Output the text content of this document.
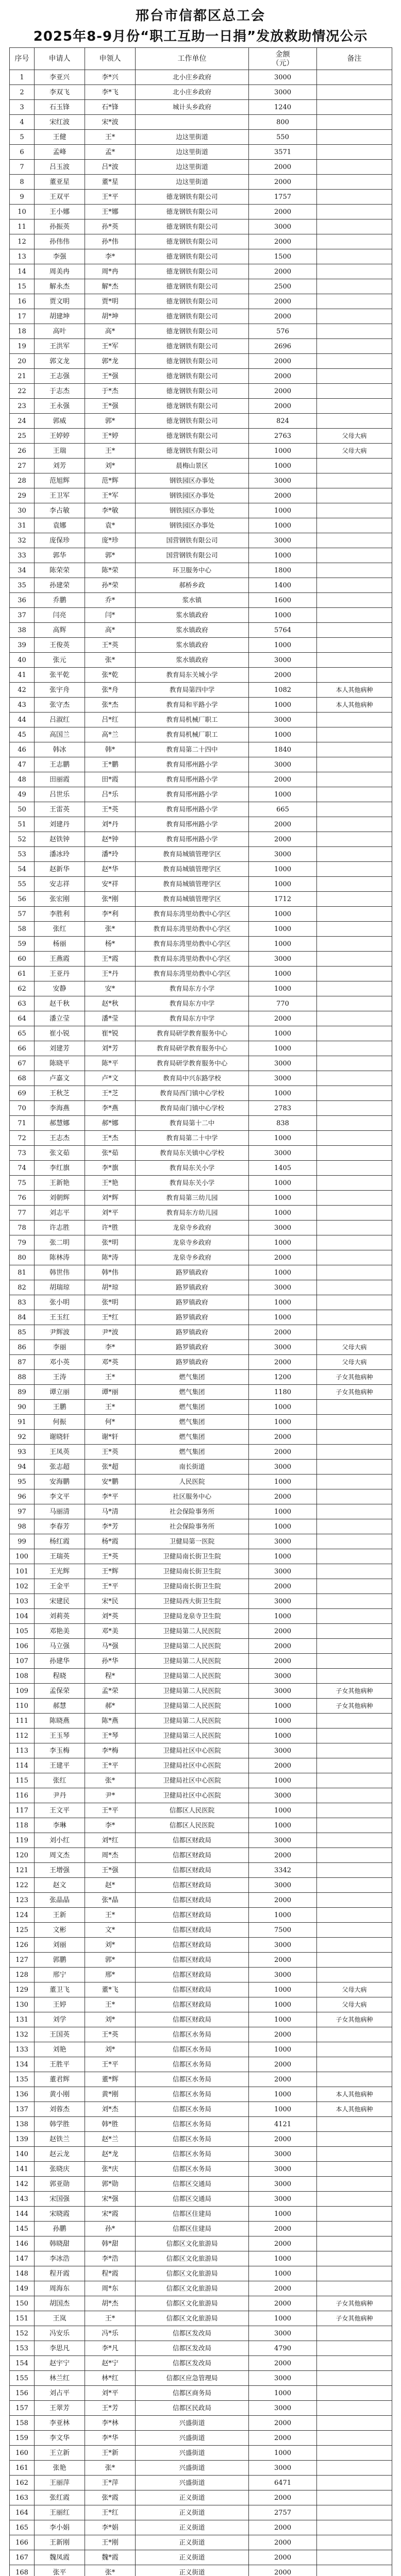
邢台市信都区总工会
2025年8-9月份“职工互助一日捐”发放救助情况公示
序号	申请人	申领人	工作单位	金额
（元）	备注
1	李亚兴	李*兴	北小庄乡政府	3000	
2	李双飞	李*飞	北小庄乡政府	3000	
3	石玉锋	石*锋	城计头乡政府	1240	
4	宋红波	宋*波		800	
5	王健	王*	边这里街道	550	
6	孟峰	孟*	边这里街道	3571	
7	吕玉波	吕*波	边这里街道	2000	
8	董亚星	董*星	边这里街道	2000	
9	王双平	王*平	德龙钢铁有限公司	1757	
10	王小娜	王*娜	德龙钢铁有限公司	2000	
11	孙振英	孙*英	德龙钢铁有限公司	3000	
12	孙伟伟	孙*伟	德龙钢铁有限公司	2000	
13	李强	李*	德龙钢铁有限公司	1500	
14	周美冉	周*冉	德龙钢铁有限公司	2000	
15	解永杰	解*杰	德龙钢铁有限公司	2500	
16	贾文明	贾*明	德龙钢铁有限公司	2000	
17	胡建坤	胡*坤	德龙钢铁有限公司	2000	
18	高叶	高*	德龙钢铁有限公司	576	
19	王洪军	王*军	德龙钢铁有限公司	2696	
20	郭文龙	郭*龙	德龙钢铁有限公司	2000	
21	王志强	王*强	德龙钢铁有限公司	2000	
22	于志杰	于*杰	德龙钢铁有限公司	2000	
23	王永强	王*强	德龙钢铁有限公司	2000	
24	郭威	郭*	德龙钢铁有限公司	824	
25	王婷婷	王*婷	德龙钢铁有限公司	2763	父母大病
26	王瑞	王*	德龙钢铁有限公司	1000	父母大病
27	刘芳	刘*	晨梅山景区	1000	
28	范旭辉	范*辉	钢铁园区办事处	3000	
29	王卫军	王*军	钢铁园区办事处	2000	
30	李占敏	李*敏	钢铁园区办事处	1000	
31	袁娜	袁*	钢铁园区办事处	1000	
32	庞保珍	庞*珍	国营钢铁有限公司	3000	
33	郭华	郭*	国营钢铁有限公司	1000	
34	陈荣荣	陈*荣	环卫服务中心	1800	
35	孙建荣	孙*荣	郝桥乡政	1400	
36	乔鹏	乔*	浆水镇	1600	
37	闫亮	闫*	浆水镇政府	1000	
38	高辉	高*	浆水镇政府	5764	
39	王俊英	王*英	浆水镇政府	1000	
40	张元	张*	浆水镇政府	3000	
41	张平乾	张*乾	教育局东关城小学	2000	
42	张宇舟	张*舟	教育局第四中学	1082	本人其他病种
43	张守杰	张*杰	教育局和平路小学	1000	本人其他病种
44	吕淑红	吕*红	教育局机械厂职工	3000	
45	高国兰	高*兰	教育局机械厂职工	1000	
46	韩冰	韩*	教育局第二十四中	1840	
47	王志鹏	王*鹏	教育局邢州路小学	3000	
48	田丽霞	田*霞	教育局邢州路小学	2000	
49	吕世乐	吕*乐	教育局邢州路小学	1000	
50	王雷英	王*英	教育局邢州路小学	665	
51	刘建丹	刘*丹	教育局邢州路小学	2000	
52	赵铁钟	赵*钟	教育局邢州路小学	2000	
53	潘冰玲	潘*玲	教育局城镇管理学区	3000	
54	赵新华	赵*华	教育局城镇管理学区	1000	
55	安志祥	安*祥	教育局城镇管理学区	1000	
56	张宏刚	张*刚	教育局城镇管理学区	1712	
57	李胜利	李*利	教育局东湾里幼教中心学区	1000	
58	张红	张*	教育局东湾里幼教中心学区	1000	
59	杨丽	杨*	教育局东湾里幼教中心学区	1000	
60	王燕霞	王*霞	教育局东湾里幼教中心学区	3000	
61	王亚丹	王*丹	教育局东湾里幼教中心学区	1000	
62	安静	安*	教育局东方小学	1000	
63	赵千秋	赵*秋	教育局东方中学	770	
64	潘立莹	潘*莹	教育局东方中学	2000	
65	崔小锐	崔*锐	教育局研学教育服务中心	1000	
66	刘建芳	刘*芳	教育局研学教育服务中心	1000	
67	陈晓平	陈*平	教育局研学教育服务中心	3000	
68	卢嘉文	卢*文	教育局中兴东路学校	3000	
69	王秋芝	王*芝	教育局西门镇中心学校	1000	
70	李海燕	李*燕	教育局南门镇中心学校	2783	
71	郝慧娜	郝*娜	教育局第十二中	838	
72	王志杰	王*杰	教育局第二十中学	1000	
73	张文茹	张*茹	教育局东关镇中心学校	3000	
74	李红旗	李*旗	教育局东关小学	1405	
75	王新艳	王*艳	教育局东关小学	1000	
76	刘朝辉	刘*辉	教育局第三幼儿园	1000	
77	刘志平	刘*平	教育局东方幼儿园	1000	
78	许志胜	许*胜	龙泉寺乡政府	3000	
79	张二明	张*明	龙泉寺乡政府	1000	
80	陈林涛	陈*涛	龙泉寺乡政府	2000	
81	韩世伟	韩*伟	路罗镇政府	1000	
82	胡瑞琼	胡*琼	路罗镇政府	3000	
83	张小明	张*明	路罗镇政府	1000	
84	王玉红	王*红	路罗镇政府	1000	
85	尹辉波	尹*波	路罗镇政府	2000	
86	李丽	李*	路罗镇政府	3000	父母大病
87	邓小英	邓*英	路罗镇政府	2000	父母大病
88	王涛	王*	燃气集团	1200	子女其他病种
89	谭立丽	谭*丽	燃气集团	1180	子女其他病种
90	王鹏	王*	燃气集团	1000	
91	何振	何*	燃气集团	1000	
92	谢晓轩	谢*轩	燃气集团	2000	
93	王凤英	王*英	燃气集团	2000	
94	张志超	张*超	南长街道	3000	
95	安海鹏	安*鹏	人民医院	1000	
96	李文平	李*平	社区服务中心	2000	
97	马丽清	马*清	社会保险事务所	1000	
98	李春芳	李*芳	社会保险事务所	1000	
99	杨红霞	杨*霞	卫健局第一医院	3000	
100	王瑞英	王*英	卫健局南长街卫生院	1000	
101	王光辉	王*辉	卫健局南长街卫生院	3000	
102	王金平	王*平	卫健局南长街卫生院	2000	
103	宋建民	宋*民	卫健局西大街卫生院	3000	
104	刘莉英	刘*英	卫健局龙泉寺卫生院	1000	
105	邓艳美	邓*美	卫健局第二人民医院	2000	
106	马立强	马*强	卫健局第二人民医院	2000	
107	孙建华	孙*华	卫健局第二人民医院	2000	
108	程晓	程*	卫健局第二人民医院	3000	
109	孟保荣	孟*荣	卫健局第二人民医院	3000	子女其他病种
110	郝慧	郝*	卫健局第二人民医院	1000	子女其他病种
111	陈晓燕	陈*燕	卫健局第二人民医院	1000	
112	王玉琴	王*琴	卫健局第三人民医院	1000	
113	李玉梅	李*梅	卫健局社区中心医院	3000	
114	王建平	王*平	卫健局社区中心医院	2000	
115	张红	张*	卫健局社区中心医院	1000	
116	尹丹	尹*	卫健局社区中心医院	3000	
117	王文平	王*平	信都区人民医院	1000	
118	李琳	李*	信都区人民医院	1000	
119	刘小红	刘*红	信都区财政局	3000	
120	周文杰	周*杰	信都区财政局	2000	
121	王增强	王*强	信都区财政局	3342	
122	赵文	赵*	信都区财政局	3000	
123	张晶晶	张*晶	信都区财政局	2000	
124	王新	王*	信都区财政局	1000	
125	文彬	文*	信都区财政局	7500	
126	刘丽	刘*	信都区财政局	3000	
127	郭鹏	郭*	信都区财政局	2000	
128	邢宁	邢*	信都区财政局	3000	
129	董卫飞	董*飞	信都区财政局	1000	父母大病
130	王婷	王*	信都区财政局	1000	父母大病
131	刘学	刘*	信都区财政局	1000	子女其他病种
132	王国英	王*英	信都区水务局	2000	
133	刘艳	刘*	信都区水务局	1000	
134	王胜平	王*平	信都区水务局	2000	
135	董君辉	董*辉	信都区水务局	2000	
136	黄小刚	黄*刚	信都区水务局	1000	本人其他病种
137	刘蓉杰	刘*杰	信都区水务局	1000	本人其他病种
138	韩学胜	韩*胜	信都区水务局	4121	
139	赵铁兰	赵*兰	信都区水务局	2000	
140	赵云龙	赵*龙	信都区水务局	3000	
141	张晓庆	张*庆	信都区水务局	3000	
142	郭亚勋	郭*勋	信都区交通局	3000	
143	宋国强	宋*强	信都区交通局	3000	
144	宋晓霞	宋*霞	信都区住建局	1000	
145	孙鹏	孙*	信都区住建局	2000	
146	韩晓甜	韩*甜	信都区文化旅游局	2000	
147	李冰浩	李*浩	信都区文化旅游局	1000	
148	程开霞	程*霞	信都区文化旅游局	1000	
149	周海东	周*东	信都区文化旅游局	2000	
150	胡国杰	胡*杰	信都区文化旅游局	2000	子女其他病种
151	王岚	王*	信都区文化旅游局	1000	子女其他病种
152	冯安乐	冯*乐	信都区发改局	3000	
153	李思凡	李*凡	信都区发改局	4790	
154	赵宇宁	赵*宁	信都区发改局	2000	
155	林兰红	林*红	信都区应急管理局	3000	
156	刘占平	刘*平	信都区商务局	1000	
157	王翠芳	王*芳	信都区民政局	3000	
158	李亚林	李*林	兴盛街道	2000	
159	李文华	李*华	兴盛街道	2000	
160	王立新	王*新	兴盛街道	1000	
161	张艳	张*	兴盛街道	3000	
162	王丽萍	王*萍	兴盛街道	6471	
163	张红霞	张*霞	正义街道	2000	
164	王丽红	王*红	正义街道	2757	
165	李小娟	李*娟	正义街道	2000	
166	王新刚	王*刚	正义街道	2000	
167	魏凤霞	魏*霞	正义街道	2000	
168	张平	张*	正义街道	2000	
